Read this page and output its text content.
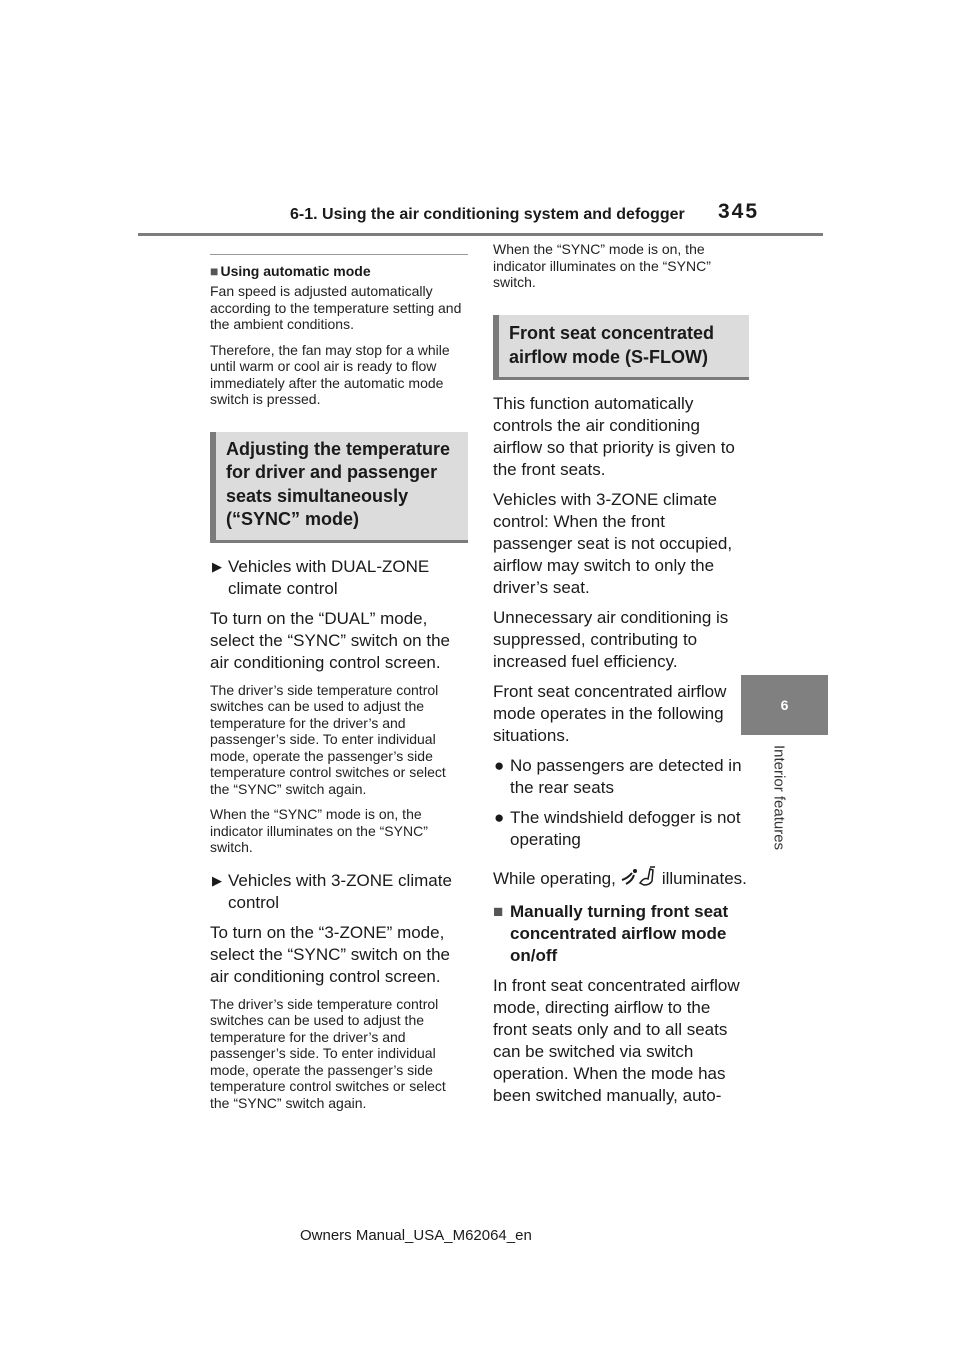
6-1. Using the air conditioning system and defogger 345
6
Interior features
■ Using automatic mode

Fan speed is adjusted automatically according to the temperature setting and the ambient conditions.

Therefore, the fan may stop for a while until warm or cool air is ready to flow immediately after the automatic mode switch is pressed.

Adjusting the temperature for driver and passenger seats simultaneously (“SYNC” mode)
▶ Vehicles with DUAL-ZONE climate control

To turn on the “DUAL” mode, select the “SYNC” switch on the air conditioning control screen.

The driver’s side temperature control switches can be used to adjust the temperature for the driver’s and passenger’s side. To enter individual mode, operate the passenger’s side temperature control switches or select the “SYNC” switch again.

When the “SYNC” mode is on, the indicator illuminates on the “SYNC” switch.

▶ Vehicles with 3-ZONE climate control

To turn on the “3-ZONE” mode, select the “SYNC” switch on the air conditioning control screen.

The driver’s side temperature control switches can be used to adjust the temperature for the driver’s and passenger’s side. To enter individual mode, operate the passenger’s side temperature control switches or select the “SYNC” switch again.

When the “SYNC” mode is on, the indicator illuminates on the “SYNC” switch.

Front seat concentrated airflow mode (S-FLOW)

This function automatically controls the air conditioning airflow so that priority is given to the front seats.

Vehicles with 3-ZONE climate control: When the front passenger seat is not occupied, airflow may switch to only the driver’s seat.

Unnecessary air conditioning is suppressed, contributing to increased fuel efficiency.

Front seat concentrated airflow mode operates in the following situations.

● No passengers are detected in the rear seats
● The windshield defogger is not operating

While operating,	illuminates.

■ Manually turning front seat concentrated airflow mode on/off

In front seat concentrated airflow mode, directing airflow to the front seats only and to all seats can be switched via switch operation. When the mode has been switched manually, auto-

Owners Manual_USA_M62064_en
